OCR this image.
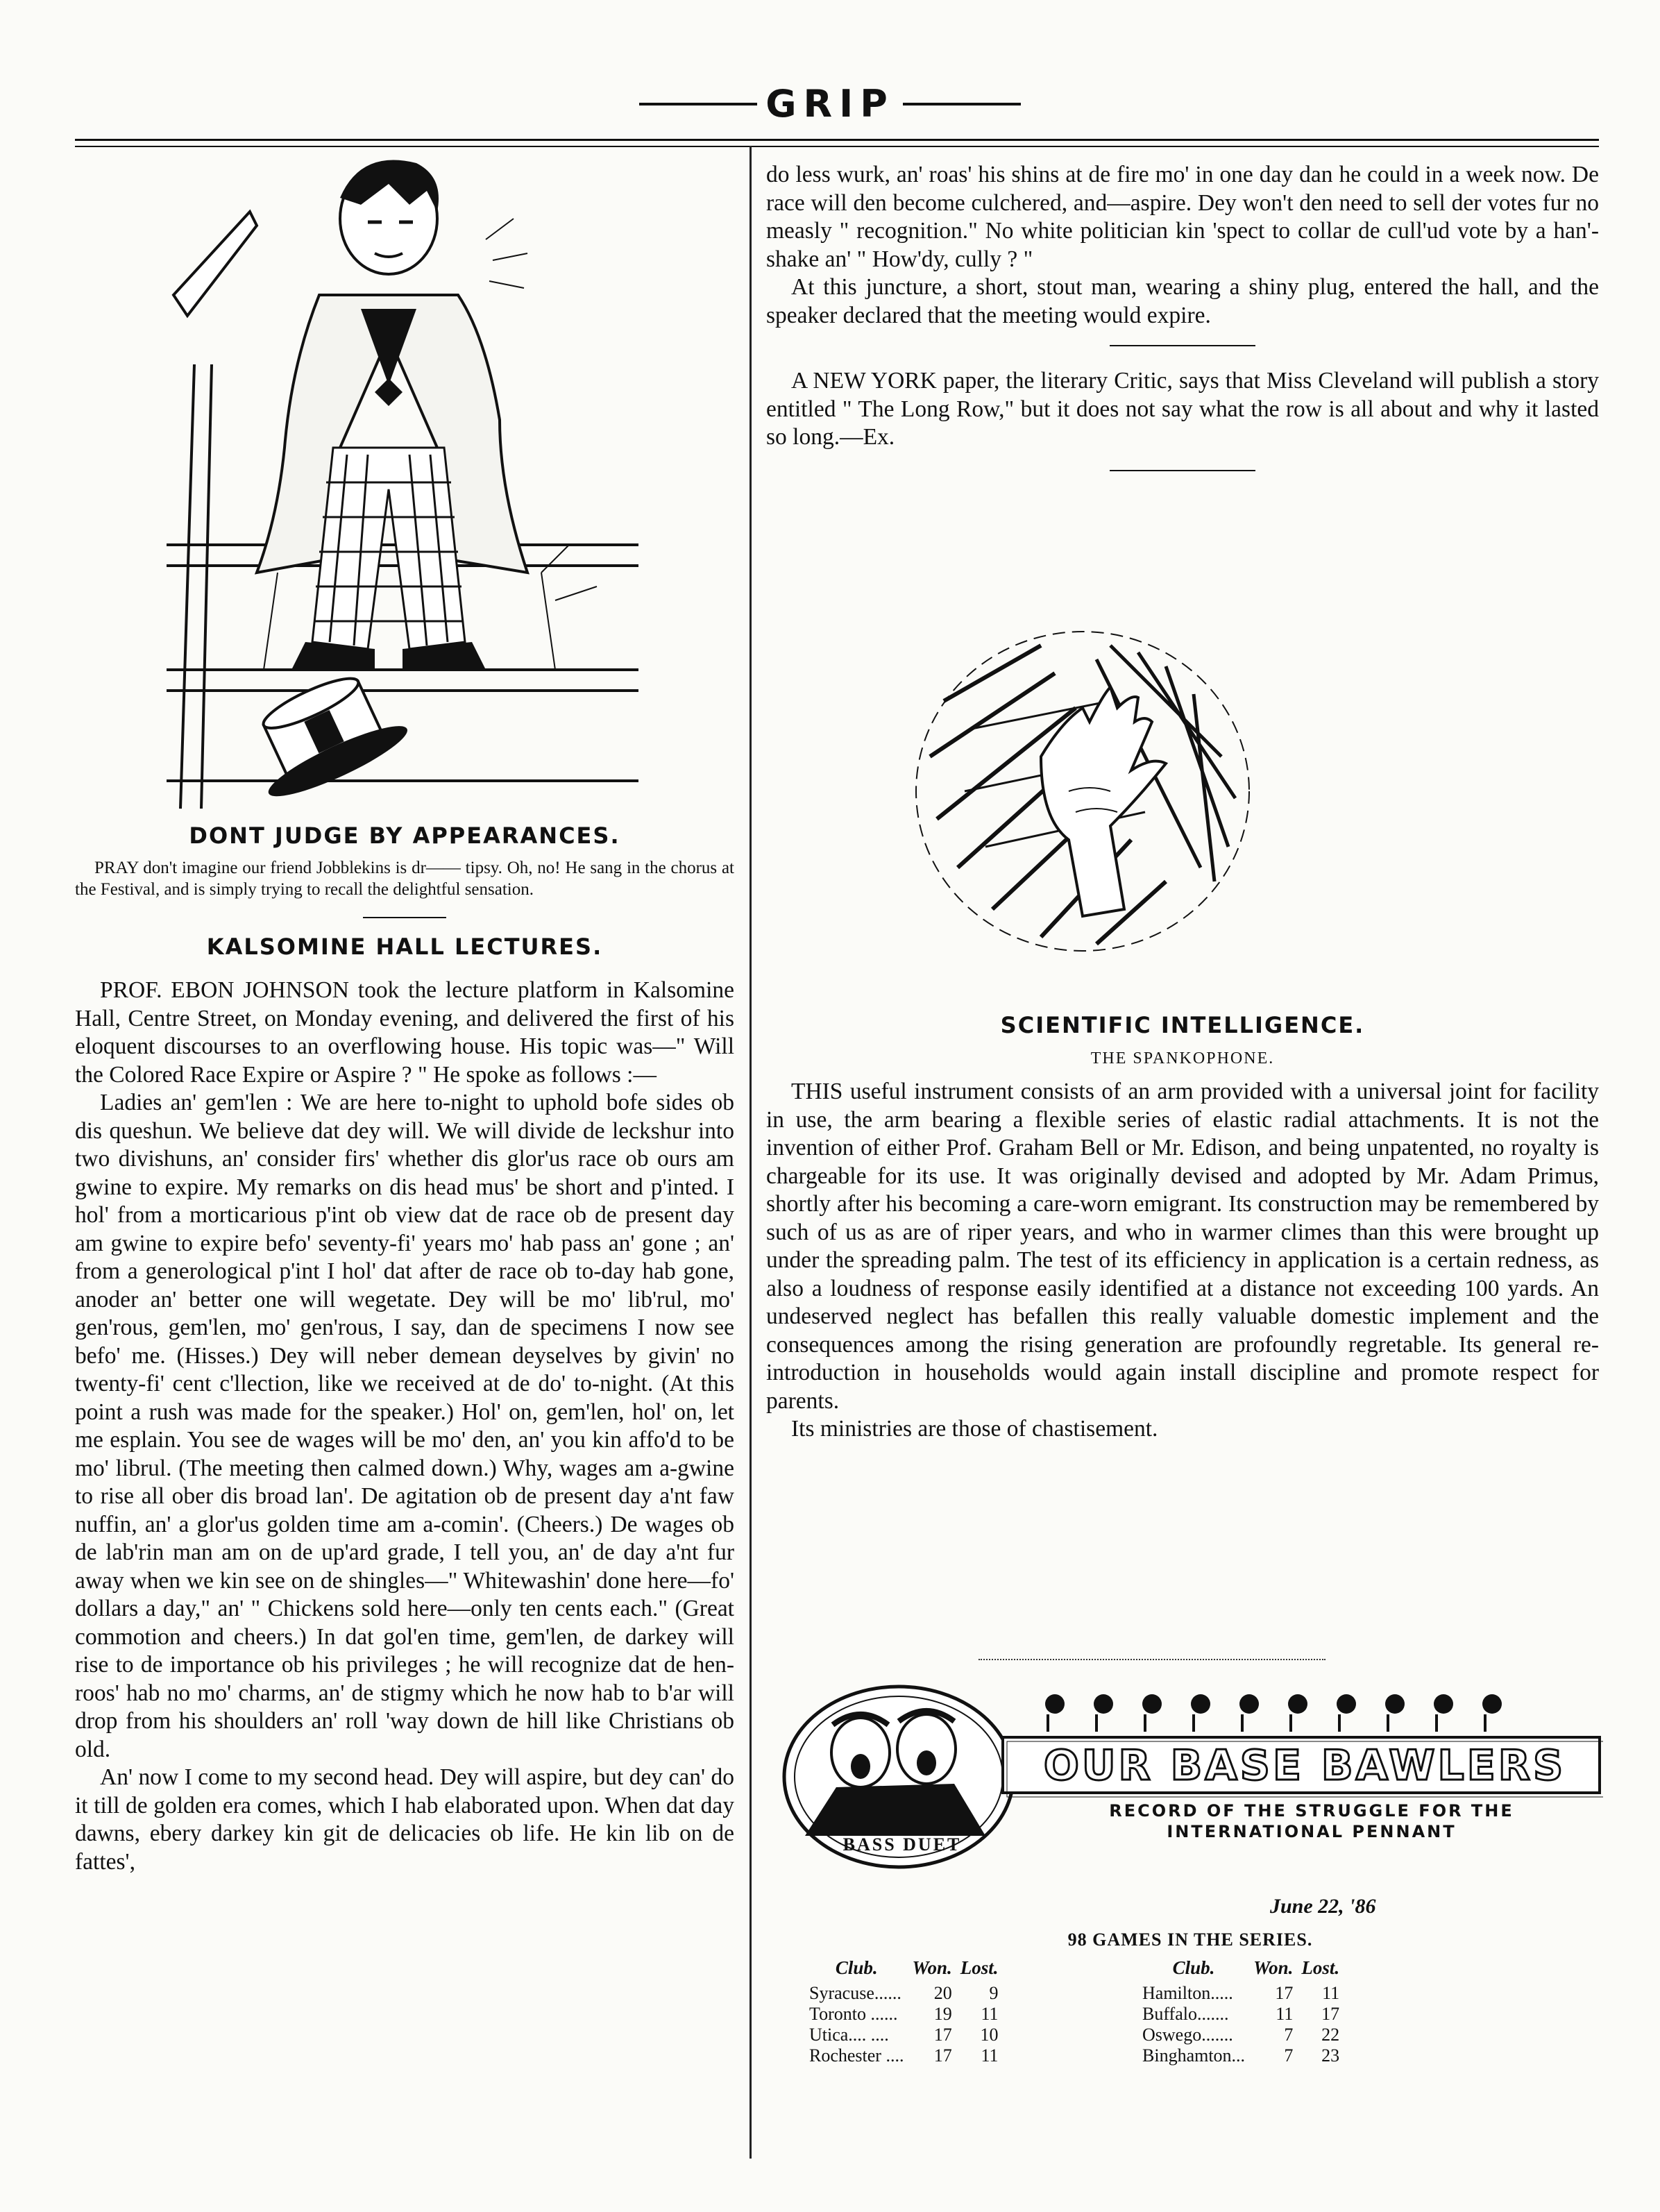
GRIP
DONT JUDGE BY APPEARANCES.
PRAY don't imagine our friend Jobblekins is dr—— tipsy. Oh, no! He sang in the chorus at the Festival, and is simply trying to recall the delightful sensation.
KALSOMINE HALL LECTURES.

PROF. EBON JOHNSON took the lecture platform in Kalsomine Hall, Centre Street, on Monday evening, and delivered the first of his eloquent discourses to an overflowing house. His topic was—" Will the Colored Race Expire or Aspire ? " He spoke as follows :—

Ladies an' gem'len : We are here to-night to uphold bofe sides ob dis queshun. We believe dat dey will. We will divide de leckshur into two divishuns, an' consider firs' whether dis glor'us race ob ours am gwine to expire. My remarks on dis head mus' be short and p'inted. I hol' from a morticarious p'int ob view dat de race ob de present day am gwine to expire befo' seventy-fi' years mo' hab pass an' gone ; an' from a generological p'int I hol' dat after de race ob to-day hab gone, anoder an' better one will wegetate. Dey will be mo' lib'rul, mo' gen'rous, gem'len, mo' gen'rous, I say, dan de specimens I now see befo' me. (Hisses.) Dey will neber demean deyselves by givin' no twenty-fi' cent c'llection, like we received at de do' to-night. (At this point a rush was made for the speaker.) Hol' on, gem'len, hol' on, let me esplain. You see de wages will be mo' den, an' you kin affo'd to be mo' librul. (The meeting then calmed down.) Why, wages am a-gwine to rise all ober dis broad lan'. De agitation ob de present day a'nt faw nuffin, an' a glor'us golden time am a-comin'. (Cheers.) De wages ob de lab'rin man am on de up'ard grade, I tell you, an' de day a'nt fur away when we kin see on de shingles—" Whitewashin' done here—fo' dollars a day," an' " Chickens sold here—only ten cents each." (Great commotion and cheers.) In dat gol'en time, gem'len, de darkey will rise to de importance ob his privileges ; he will recognize dat de hen-roos' hab no mo' charms, an' de stigmy which he now hab to b'ar will drop from his shoulders an' roll 'way down de hill like Christians ob old.

An' now I come to my second head. Dey will aspire, but dey can' do it till de golden era comes, which I hab elaborated upon. When dat day dawns, ebery darkey kin git de delicacies ob life. He kin lib on de fattes',

do less wurk, an' roas' his shins at de fire mo' in one day dan he could in a week now. De race will den become culchered, and—aspire. Dey won't den need to sell der votes fur no measly " recognition." No white politician kin 'spect to collar de cull'ud vote by a han'-shake an' " How'dy, cully ? "

At this juncture, a short, stout man, wearing a shiny plug, entered the hall, and the speaker declared that the meeting would expire.

A NEW YORK paper, the literary Critic, says that Miss Cleveland will publish a story entitled " The Long Row," but it does not say what the row is all about and why it lasted so long.—Ex.

SCIENTIFIC INTELLIGENCE.
THE SPANKOPHONE.

THIS useful instrument consists of an arm provided with a universal joint for facility in use, the arm bearing a flexible series of elastic radial attachments. It is not the invention of either Prof. Graham Bell or Mr. Edison, and being unpatented, no royalty is chargeable for its use. It was originally devised and adopted by Mr. Adam Primus, shortly after his becoming a care-worn emigrant. Its construction may be remembered by such of us as are of riper years, and who in warmer climes than this were brought up under the spreading palm. The test of its efficiency in application is a certain redness, as also a loudness of response easily identified at a distance not exceeding 100 yards. An undeserved neglect has befallen this really valuable domestic implement and the consequences among the rising generation are profoundly regretable. Its general re-introduction in households would again install discipline and promote respect for parents.

Its ministries are those of chastisement.

OUR BASE BAWLERS
BASS DUET
RECORD OF THE STRUGGLE FOR THE
INTERNATIONAL PENNANT
June 22, '86
98 GAMES IN THE SERIES.
Club.	Won.	Lost.
Syracuse......	20	9
Toronto ......	19	11
Utica.... ....	17	10
Rochester ....	17	11
Club.	Won.	Lost.
Hamilton.....	17	11
Buffalo.......	11	17
Oswego.......	7	22
Binghamton...	7	23
